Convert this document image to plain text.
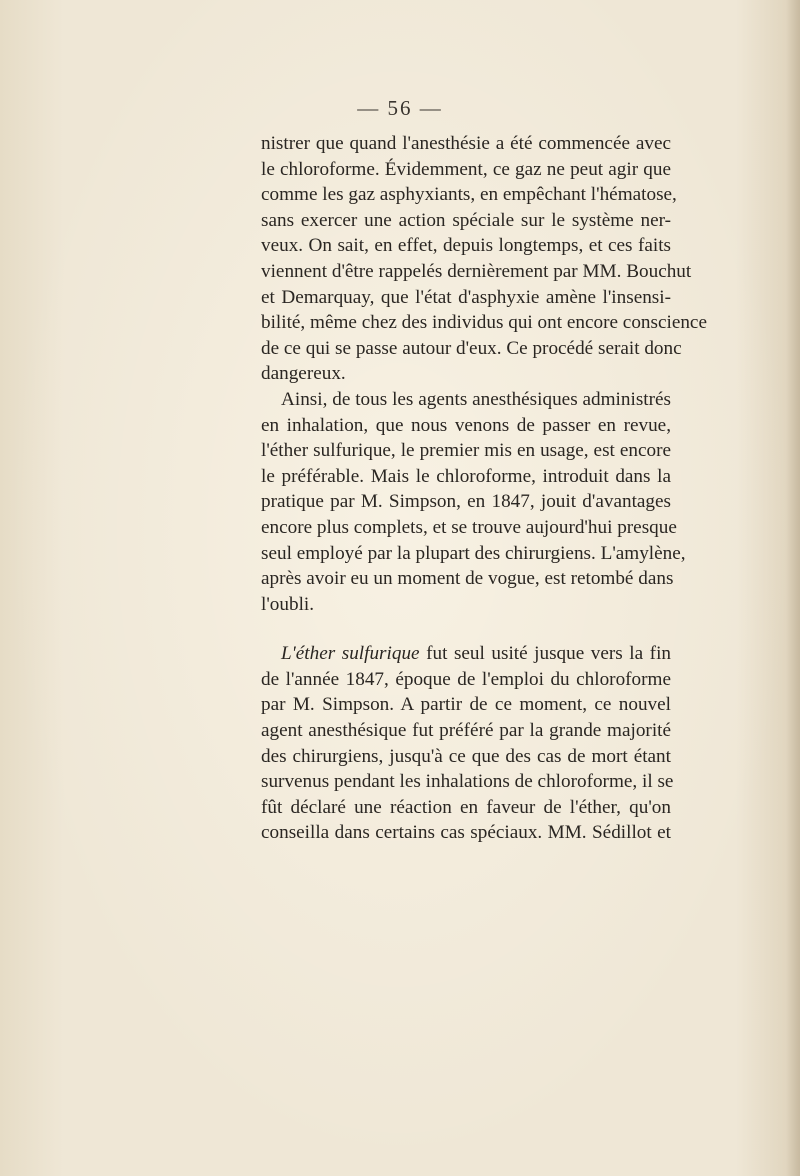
— 56 —
nistrer que quand l'anesthésie a été commencée avec
le chloroforme. Évidemment, ce gaz ne peut agir que
comme les gaz asphyxiants, en empêchant l'hématose,
sans exercer une action spéciale sur le système ner-
veux. On sait, en effet, depuis longtemps, et ces faits
viennent d'être rappelés dernièrement par MM. Bouchut
et Demarquay, que l'état d'asphyxie amène l'insensi-
bilité, même chez des individus qui ont encore conscience
de ce qui se passe autour d'eux. Ce procédé serait donc
dangereux.
Ainsi, de tous les agents anesthésiques administrés
en inhalation, que nous venons de passer en revue,
l'éther sulfurique, le premier mis en usage, est encore
le préférable. Mais le chloroforme, introduit dans la
pratique par M. Simpson, en 1847, jouit d'avantages
encore plus complets, et se trouve aujourd'hui presque
seul employé par la plupart des chirurgiens. L'amylène,
après avoir eu un moment de vogue, est retombé dans
l'oubli.
L'éther sulfurique fut seul usité jusque vers la fin
de l'année 1847, époque de l'emploi du chloroforme
par M. Simpson. A partir de ce moment, ce nouvel
agent anesthésique fut préféré par la grande majorité
des chirurgiens, jusqu'à ce que des cas de mort étant
survenus pendant les inhalations de chloroforme, il se
fût déclaré une réaction en faveur de l'éther, qu'on
conseilla dans certains cas spéciaux. MM. Sédillot et
